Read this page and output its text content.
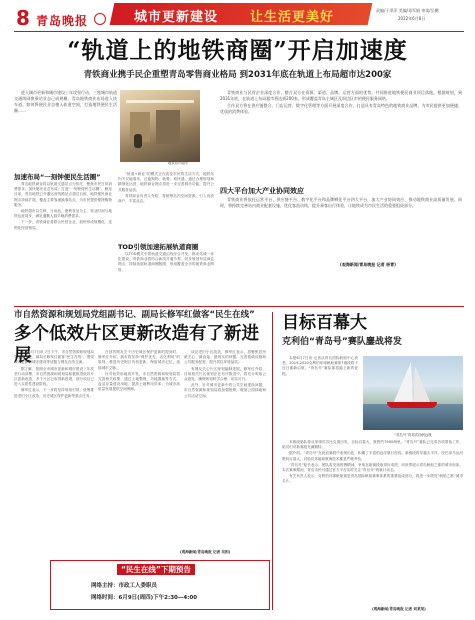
8 青岛晚报	城市更新建设 让生活更美好	责编/于翠萍 美编/邓军娟 审读/岳鹏
2022年6月8日
“轨道上的地铁商圈”开启加速度
青铁商业携手民企重塑青岛零售商业格局 到2031年底在轨道上布局超市达200家

进入城市更新和城市建设三年攻坚行动，三座城市轨道交通线网换乘站业态已成规模，青岛地铁商业布局进入快车道。如何将便民业态植入轨道空间，打造地铁便民生活圈……

地铁站内超市
加速布局“一刻钟便民生活圈”

青岛地铁商业将以轨道交通站点为依托，聚焦市民日常消费需求，加快便民业态布局，打造“一刻钟便民生活圈”。截至目前，青岛地铁已开通运营线路站点超过百座，地铁便民商业网点持续扩展，覆盖主要客流换乘站点，为市民提供便捷购物服务。

地铁超市以生鲜、日用品、便利食品为主，营业时间与地铁运营同步，满足通勤人群早晚消费需求。

下一步，青铁商业将联合民营企业，加快形成规模化、连锁化经营格局。

“轨道+商业”的模式正在改变市民的生活方式，地铁站内不仅能乘车，还能购物、就餐、取快递。通过合理规划和精细化运营，地铁商业网点将进一步完善城市功能，提升公共服务品质。

青铁商业负责人介绍，将统筹站内空间资源，引入优质商户，丰富业态。

TOD引领加速拓展轨道商圈

以TOD模式引领轨道交通沿线综合开发，推动站城一体化建设。青铁商业将结合新线开通节奏，同步规划布局商业网点，持续拓展轨道商圈版图，形成覆盖全市的地铁商业网络。

青铁商业与民营企业深度合作，整合双方在资源、渠道、品牌、运营方面的优势，共同推进地铁便民商业项目落地。根据规划，到2031年底，在轨道上布局超市将达到200家，形成覆盖青岛主城区及周边区市的便民服务网络。

合作双方将在供应链整合、门店运营、数字化管理等方面开展深度合作，打造具有青岛特色的地铁商业品牌，为市民提供更加便捷、优质的消费体验。

四大平台加大产业协同效应

青铁商业将依托运营平台、供应链平台、数字化平台和品牌孵化平台四大平台，加大产业协同效应，推动地铁商业高质量发展。同时，将持续完善站内商业配套设施，优化客流动线，提升乘客出行体验，让地铁成为市民生活的重要组成部分。

(观海新闻/青岛晚报 记者 杨青)
市自然资源和规划局党组副书记、副局长修军红做客“民生在线”
多个低效片区更新改造有了新进展

本报6月7日讯 7日下午，市自然资源和规划局党组副书记、副局长修军红做客“民生在线”，围绕城市更新和城市建设等话题与网友在线交流。

据了解，按照全市城市更新和城市建设三年攻坚行动部署，市自然资源和规划局积极推进低效片区更新改造，多个片区已取得新进展，部分项目已进入实质性建设阶段。

修军红表示，下一步将坚持规划引领，统筹推进老旧小区改造、历史城区保护更新等重点任务。

在回答网友关于历史城区保护更新的提问时，修军红介绍，我市将坚持“保护优先、活化利用”的原则，推进历史街区有机更新，保留城市记忆，延续城市文脉。

针对低效用地再开发，市自然资源和规划局将完善相关政策，通过土地整理、功能置换等方式，盘活存量建设用地，提高土地利用效率，为城市高质量发展提供空间保障。

谈及老旧小区改造，修军红表示，将聚焦居民最关心、最直接、最现实的问题，完善基础设施和公共服务配套，提升居住环境品质。

有网友关心片区规划编制进展。修军红介绍，目前相关片区规划正在有序推进中，将充分听取公众意见，确保规划科学合理、切实可行。

此外，针对城市更新中的公共空间建设问题，市自然资源和规划局将加强统筹，增加公园绿地和公共活动空间。

“民生在线”下期预告
网络主持：市政工人委职员
网络时间：6月9日(周四)下午2:30—4:00
目标百幕大
克利伯“青岛号”赛队鏖战将发
“青岛号”将再次扬帆远航

本报6月7日讯 记者从青岛国际帆船中心获悉，2019-2020克利伯环球帆船赛第7赛段将于近日重新启航，“青岛号”赛队即将踏上新的征程。

本赛段船队将从菲律宾苏比克湾出发，目标百慕大，航程约7900海里。“青岛号”赛队已完成各项准备工作，船员们对新赛段充满期待。

据介绍，“青岛号”在此前赛段中表现出色，积累了丰富的远洋航行经验。新赛段将穿越太平洋，经巴拿马运河驶向百慕大，对船员体能和航海技术都是严峻考验。

“青岛号”船长表示，团队将发扬拼搏精神，争取在新赛段取得好成绩，向世界展示青岛帆船之都的城市形象。本次赛事期间，青岛市民可通过官方平台实时关注“青岛号”的航行动态。

有关负责人表示，克利伯环球帆船赛是青岛国际帆船赛事体系的重要组成部分，将进一步擦亮“帆船之都”城市名片。

(观海新闻/青岛晚报 记者 刘某某)
(观海新闻/青岛晚报 记者 吴相)
